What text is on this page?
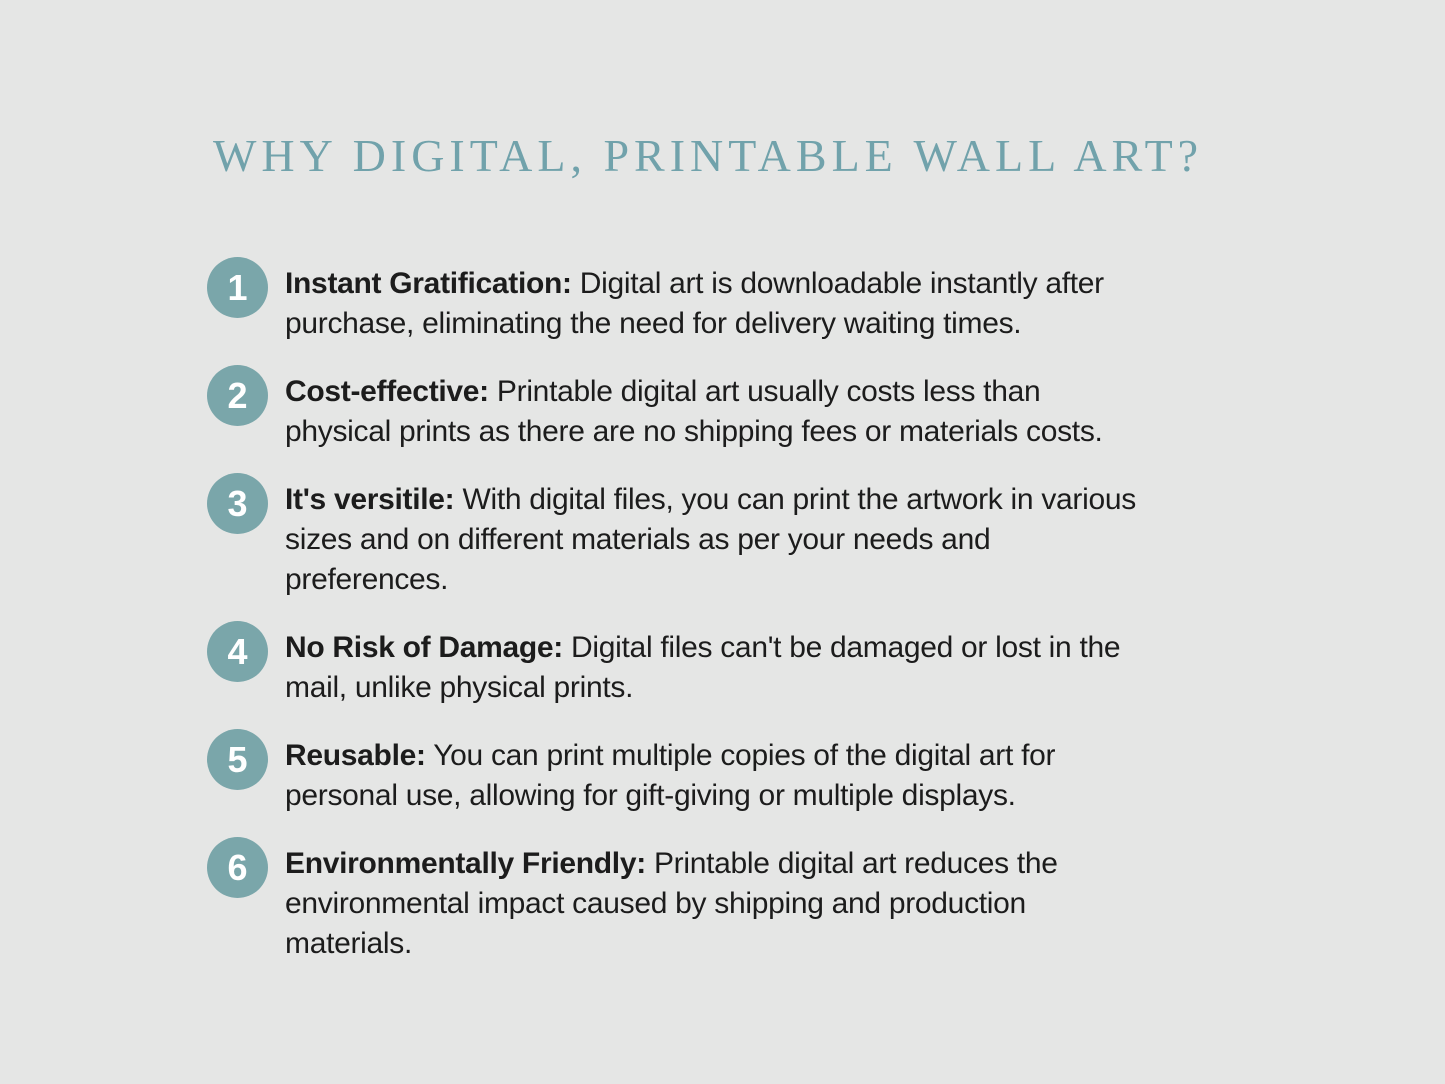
WHY DIGITAL, PRINTABLE WALL ART?
1 Instant Gratification: Digital art is downloadable instantly after
purchase, eliminating the need for delivery waiting times.
2 Cost-effective: Printable digital art usually costs less than
physical prints as there are no shipping fees or materials costs.
3 It's versitile: With digital files, you can print the artwork in various
sizes and on different materials as per your needs and
preferences.
4 No Risk of Damage: Digital files can't be damaged or lost in the
mail, unlike physical prints.
5 Reusable: You can print multiple copies of the digital art for
personal use, allowing for gift-giving or multiple displays.
6 Environmentally Friendly: Printable digital art reduces the
environmental impact caused by shipping and production
materials.
